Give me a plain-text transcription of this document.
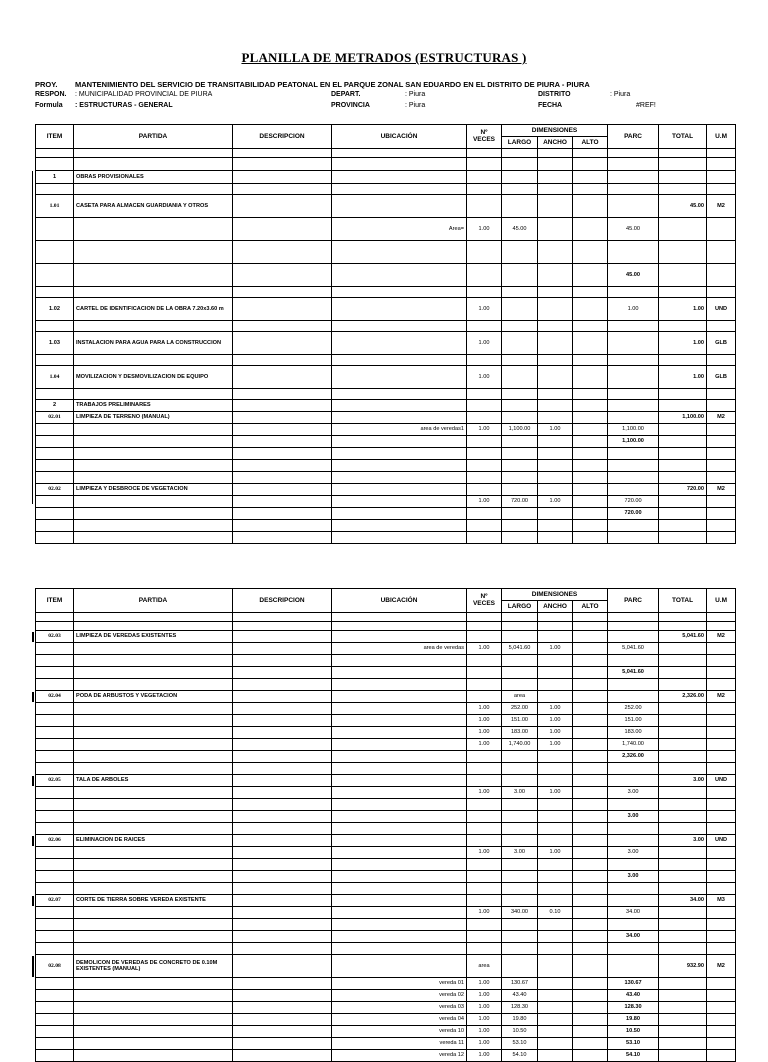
PLANILLA DE METRADOS (ESTRUCTURAS )
PROY. MANTENIMIENTO DEL SERVICIO DE TRANSITABILIDAD PEATONAL EN EL PARQUE ZONAL SAN EDUARDO EN EL DISTRITO DE PIURA - PIURA
RESPON. : MUNICIPALIDAD PROVINCIAL DE PIURA
Formula : ESTRUCTURAS - GENERAL
DEPART.	: Piura
PROVINCIA	: Piura
DISTRITO	: Piura
FECHA	#REF!
ITEM	PARTIDA	DESCRIPCION	UBICACIÓN	Nº VECES	DIMENSIONES			PARC	TOTAL	U.M
					LARGO	ANCHO	ALTO			

1	OBRAS PROVISIONALES									

1.01	CASETA PARA ALMACEN GUARDIANIA Y OTROS								45.00	M2
			Area=	1.00	45.00			45.00		

								45.00		

1.02	CARTEL DE IDENTIFICACION DE LA OBRA 7.20x3.60 m			1.00				1.00	1.00	UND

1.03	INSTALACION PARA AGUA PARA LA CONSTRUCCION			1.00					1.00	GLB

1.04	MOVILIZACION Y DESMOVILIZACION DE EQUIPO			1.00					1.00	GLB

2	TRABAJOS PRELIMINARES									
02.01	LIMPIEZA DE TERRENO (MANUAL)								1,100.00	M2
			area de veredas1	1.00	1,100.00	1.00		1,100.00		
								1,100.00		

02.02	LIMPIEZA Y DESBROCE DE VEGETACION								720.00	M2
				1.00	720.00	1.00		720.00		
								720.00		

ITEM	PARTIDA	DESCRIPCION	UBICACIÓN	Nº VECES	DIMENSIONES			PARC	TOTAL	U.M
					LARGO	ANCHO	ALTO			

02.03	LIMPIEZA DE VEREDAS EXISTENTES								5,041.60	M2
			area de veredas	1.00	5,041.60	1.00		5,041.60		

								5,041.60		

02.04	PODA DE ARBUSTOS Y VEGETACION				area				2,326.00	M2
				1.00	252.00	1.00		252.00		
				1.00	151.00	1.00		151.00		
				1.00	183.00	1.00		183.00		
				1.00	1,740.00	1.00		1,740.00		
								2,326.00		

02.05	TALA DE ARBOLES								3.00	UND
				1.00	3.00	1.00		3.00		

								3.00		

02.06	ELIMINACION DE RAICES								3.00	UND
				1.00	3.00	1.00		3.00		

								3.00		

02.07	CORTE DE TIERRA SOBRE VEREDA EXISTENTE								34.00	M3
				1.00	340.00	0.10		34.00		

								34.00		

02.08	DEMOLICON DE VEREDAS DE CONCRETO DE 0.10M EXISTENTES (MANUAL)			area					932.90	M2
			vereda 01	1.00	130.67			130.67		
			vereda 02	1.00	43.40			43.40		
			vereda 03	1.00	128.30			128.30		
			vereda 04	1.00	19.80			19.80		
			vereda 10	1.00	10.50			10.50		
			vereda 11	1.00	53.10			53.10		
			vereda 12	1.00	54.10			54.10		
